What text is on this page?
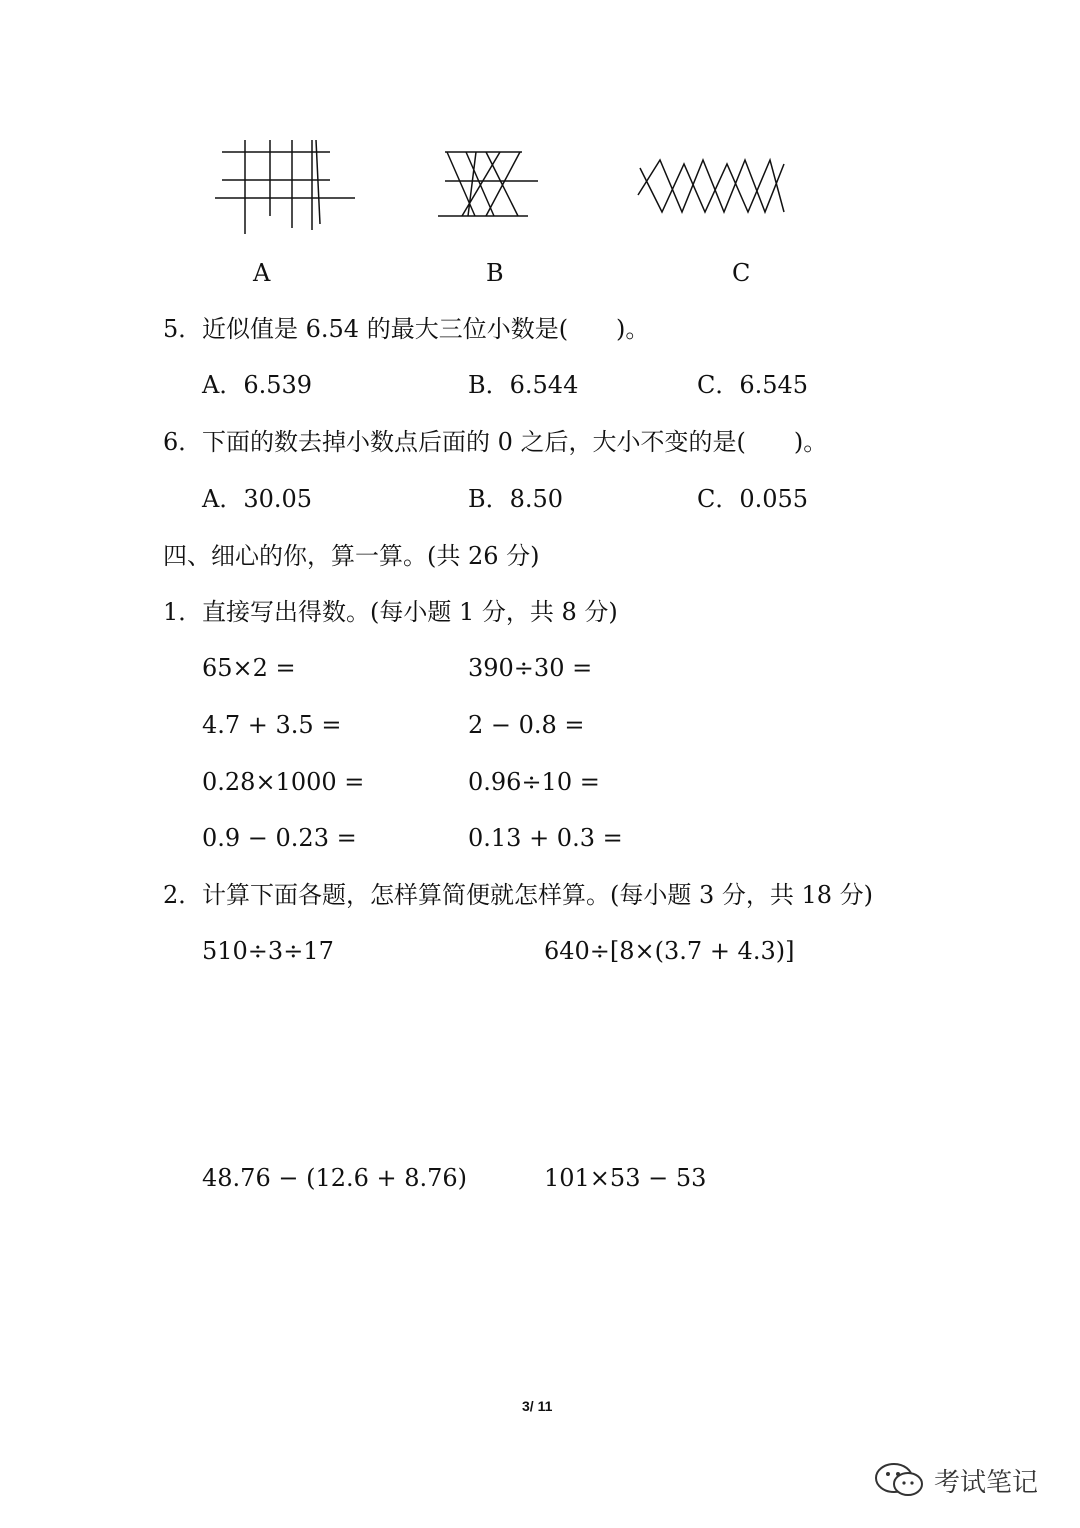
A	B	C
5． 近似值是 6.54 的最大三位小数是(　　)。
A．6.539	B．6.544	C．6.545
6． 下面的数去掉小数点后面的 0 之后，大小不变的是(　　)。
A．30.05	B．8.50	C．0.055
四、细心的你，算一算。(共 26 分)
1． 直接写出得数。(每小题 1 分，共 8 分)
65×2 =	390÷30 =
4.7 + 3.5 =	2 − 0.8 =
0.28×1000 =	0.96÷10 =
0.9 − 0.23 =	0.13 + 0.3 =
2． 计算下面各题，怎样算简便就怎样算。(每小题 3 分，共 18 分)
510÷3÷17	640÷[8×(3.7 + 4.3)]
48.76 − (12.6 + 8.76)	101×53 − 53
3/ 11
考试笔记
